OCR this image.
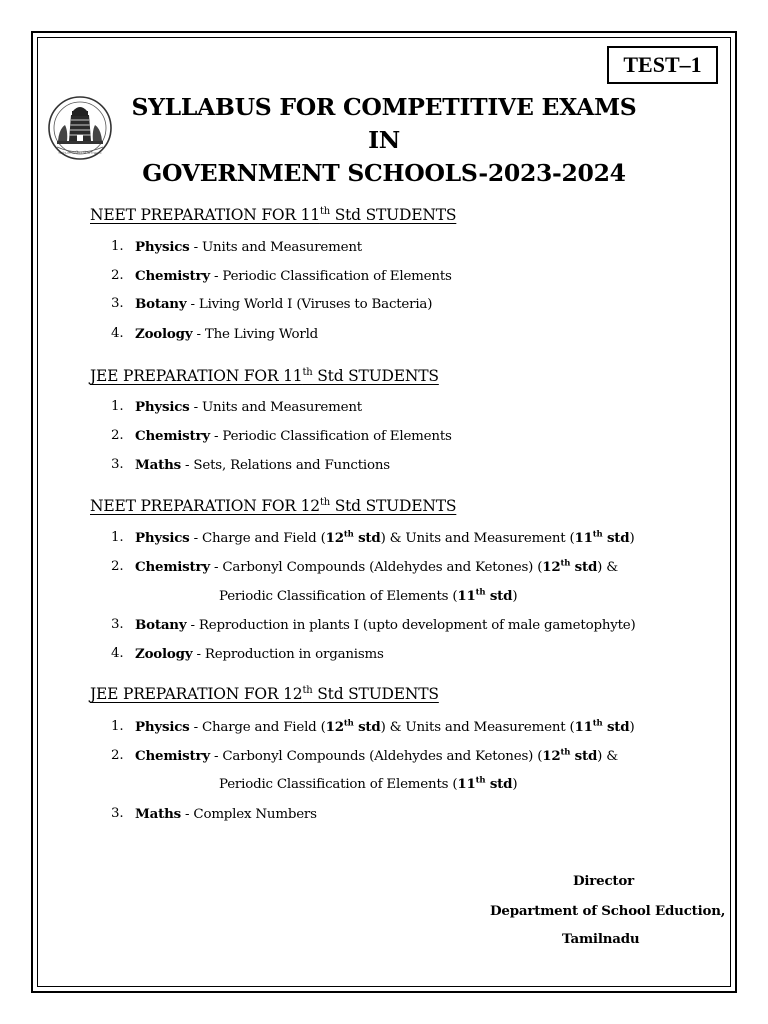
TEST–1
வாய்மையே வெல்லும்
SYLLABUS FOR COMPETITIVE EXAMS IN
GOVERNMENT SCHOOLS-2023-2024
NEET PREPARATION FOR 11th Std STUDENTS
1. Physics - Units and Measurement
2. Chemistry - Periodic Classification of Elements
3. Botany - Living World I (Viruses to Bacteria)
4. Zoology - The Living World
JEE PREPARATION FOR 11th Std STUDENTS
1. Physics - Units and Measurement
2. Chemistry - Periodic Classification of Elements
3. Maths - Sets, Relations and Functions
NEET PREPARATION FOR 12th Std STUDENTS
1. Physics - Charge and Field (12th std) & Units and Measurement (11th std)
2. Chemistry - Carbonyl Compounds (Aldehydes and Ketones) (12th std) &
Periodic Classification of Elements (11th std)
3. Botany - Reproduction in plants I (upto development of male gametophyte)
4. Zoology - Reproduction in organisms
JEE PREPARATION FOR 12th Std STUDENTS
1. Physics - Charge and Field (12th std) & Units and Measurement (11th std)
2. Chemistry - Carbonyl Compounds (Aldehydes and Ketones) (12th std) &
Periodic Classification of Elements (11th std)
3. Maths - Complex Numbers
Director
Department of School Eduction,
Tamilnadu
